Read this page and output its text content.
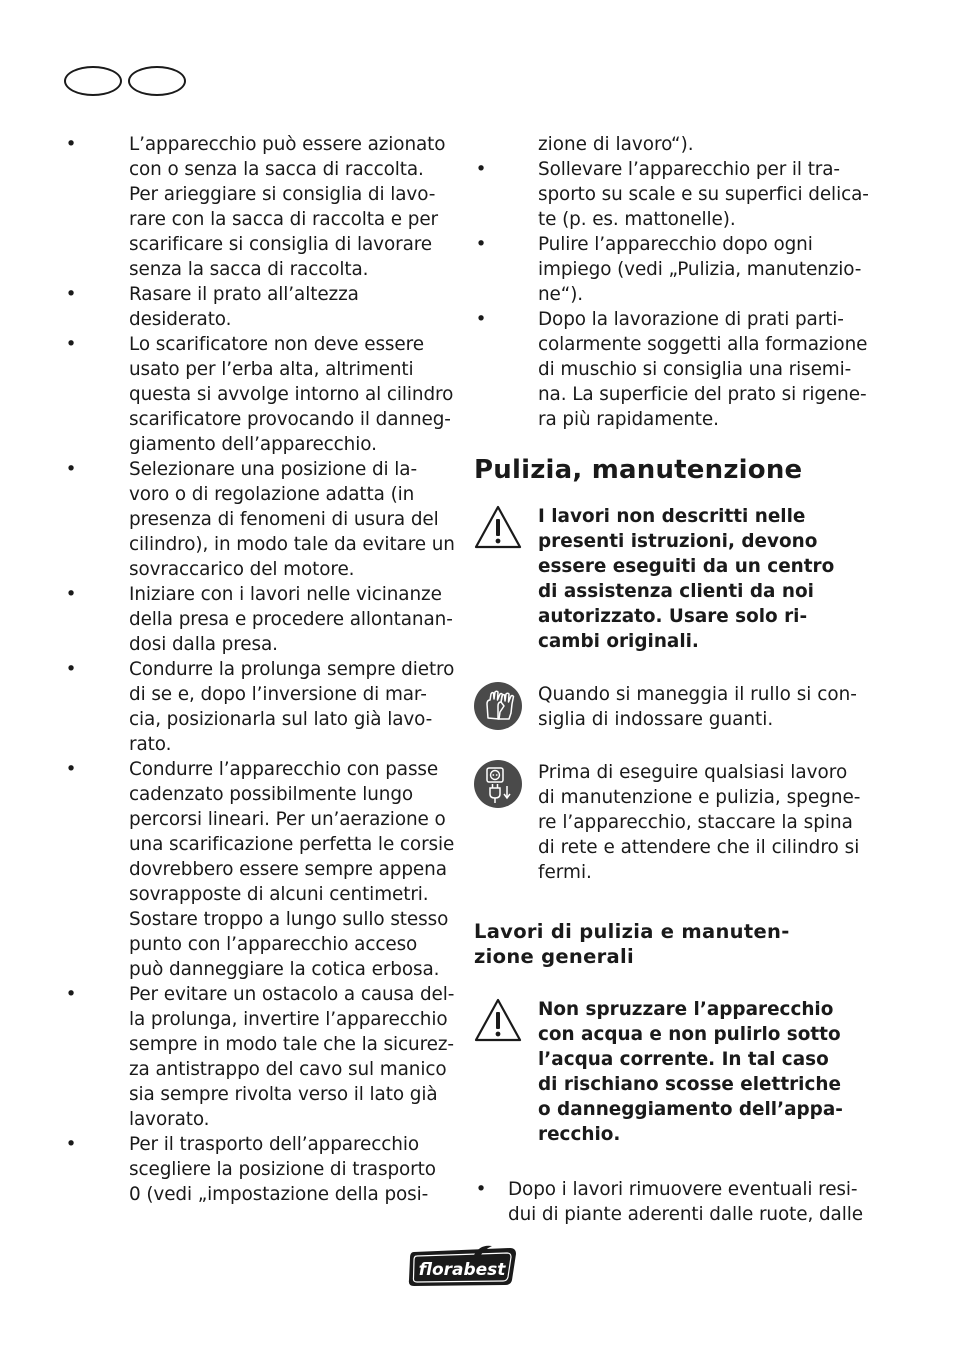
•	L’apparecchio può essere azionato
con o senza la sacca di raccolta.
Per arieggiare si consiglia di lavo-
rare con la sacca di raccolta e per
scarificare si consiglia di lavorare
senza la sacca di raccolta.
•	Rasare il prato all’altezza
desiderato.
•	Lo scarificatore non deve essere
usato per l’erba alta, altrimenti
questa si avvolge intorno al cilindro
scarificatore provocando il danneg-
giamento dell’apparecchio.
•	Selezionare una posizione di la-
voro o di regolazione adatta (in
presenza di fenomeni di usura del
cilindro), in modo tale da evitare un
sovraccarico del motore.
•	Iniziare con i lavori nelle vicinanze
della presa e procedere allontanan-
dosi dalla presa.
•	Condurre la prolunga sempre dietro
di se e, dopo l’inversione di mar-
cia, posizionarla sul lato già lavo-
rato.
•	Condurre l’apparecchio con passe
cadenzato possibilmente lungo
percorsi lineari. Per un’aerazione o
una scarificazione perfetta le corsie
dovrebbero essere sempre appena
sovrapposte di alcuni centimetri.
Sostare troppo a lungo sullo stesso
punto con l’apparecchio acceso
può danneggiare la cotica erbosa.
•	Per evitare un ostacolo a causa del-
la prolunga, invertire l’apparecchio
sempre in modo tale che la sicurez-
za antistrappo del cavo sul manico
sia sempre rivolta verso il lato già
lavorato.
•	Per il trasporto dell’apparecchio
scegliere la posizione di trasporto
0 (vedi „impostazione della posi-
zione di lavoro“).
•	Sollevare l’apparecchio per il tra-
sporto su scale e su superfici delica-
te (p. es. mattonelle).
•	Pulire l’apparecchio dopo ogni
impiego (vedi „Pulizia, manutenzio-
ne“).
•	Dopo la lavorazione di prati parti-
colarmente soggetti alla formazione
di muschio si consiglia una risemi-
na. La superficie del prato si rigene-
ra più rapidamente.
Pulizia, manutenzione
I lavori non descritti nelle
presenti istruzioni, devono
essere eseguiti da un centro
di assistenza clienti da noi
autorizzato. Usare solo ri-
cambi originali.
Quando si maneggia il rullo si con-
siglia di indossare guanti.
Prima di eseguire qualsiasi lavoro
di manutenzione e pulizia, spegne-
re l’apparecchio, staccare la spina
di rete e attendere che il cilindro si
fermi.
Lavori di pulizia e manuten-
zione generali
Non spruzzare l’apparecchio
con acqua e non pulirlo sotto
l’acqua corrente. In tal caso
di rischiano scosse elettriche
o danneggiamento dell’appa-
recchio.
• Dopo i lavori rimuovere eventuali resi-
dui di piante aderenti dalle ruote, dalle
florabest
